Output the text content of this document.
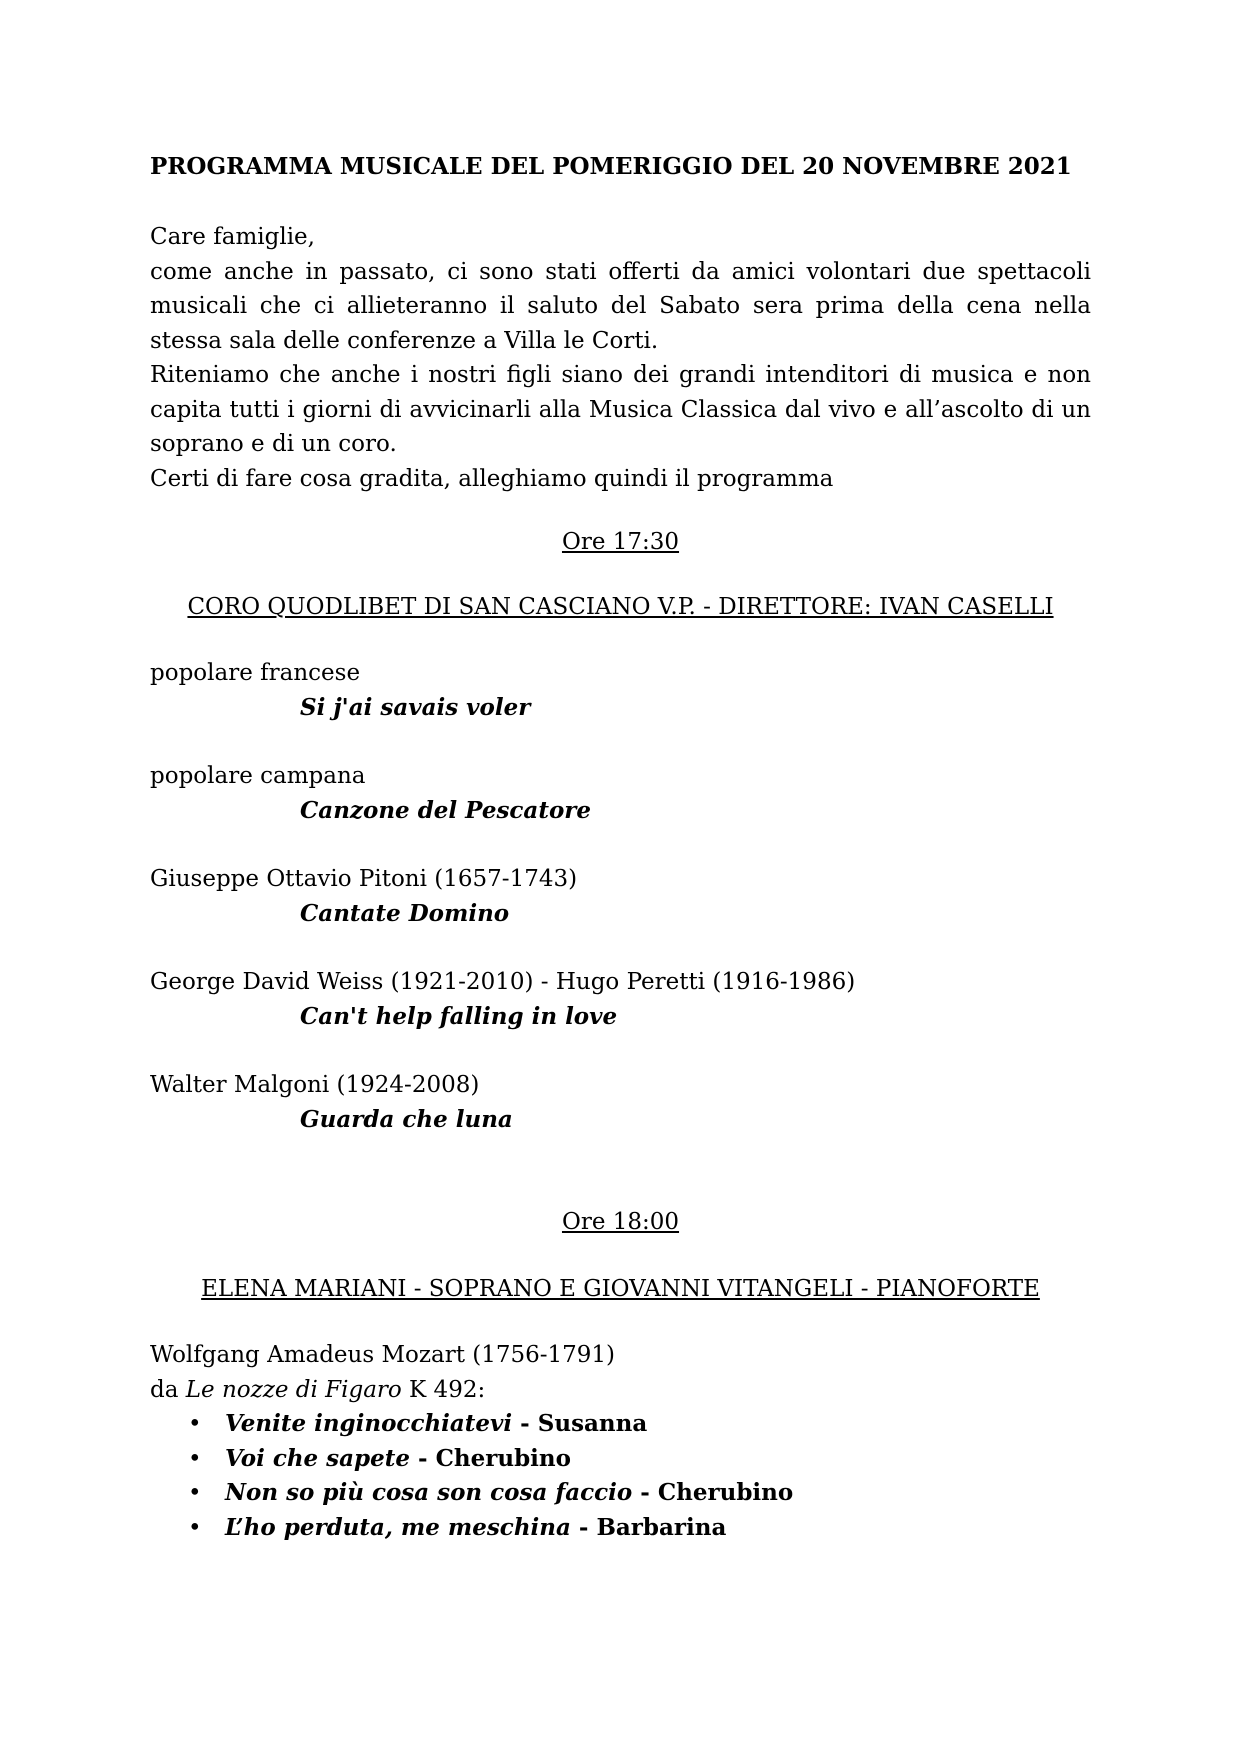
PROGRAMMA MUSICALE DEL POMERIGGIO DEL 20 NOVEMBRE 2021

Care famiglie,

come anche in passato, ci sono stati offerti da amici volontari due spettacoli musicali che ci allieteranno il saluto del Sabato sera prima della cena nella stessa sala delle conferenze a Villa le Corti.

Riteniamo che anche i nostri figli siano dei grandi intenditori di musica e non capita tutti i giorni di avvicinarli alla Musica Classica dal vivo e all’ascolto di un soprano e di un coro.

Certi di fare cosa gradita, alleghiamo quindi il programma

Ore 17:30
CORO QUODLIBET DI SAN CASCIANO V.P. - DIRETTORE: IVAN CASELLI
popolare francese
Si j'ai savais voler
popolare campana
Canzone del Pescatore
Giuseppe Ottavio Pitoni (1657-1743)
Cantate Domino
George David Weiss (1921-2010) - Hugo Peretti (1916-1986)
Can't help falling in love
Walter Malgoni (1924-2008)
Guarda che luna
Ore 18:00
ELENA MARIANI - SOPRANO E GIOVANNI VITANGELI - PIANOFORTE
Wolfgang Amadeus Mozart (1756-1791)
da Le nozze di Figaro K 492:
• Venite inginocchiatevi - Susanna
• Voi che sapete - Cherubino
• Non so più cosa son cosa faccio - Cherubino
• L’ho perduta, me meschina - Barbarina
